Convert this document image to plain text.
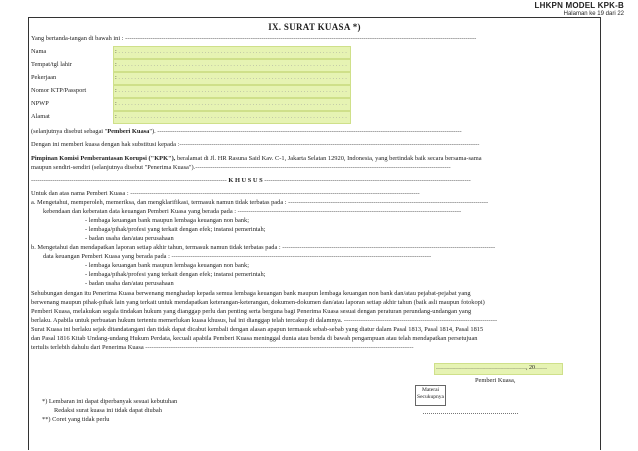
LHKPN MODEL KPK-B
Halaman ke 19 dari 22
IX. SURAT KUASA *)
Yang bertanda-tangan di bawah ini : ---------------------------------------------------------------------------------------------------------------------------------------------------------------------
Nama
Tempat/tgl lahir
Pekerjaan
Nomor KTP/Passport
NPWP
Alamat
: . . . . . . . . . . . . . . . . . . . . . . . . . . . . . . . . . . . . . . . . . . . . . . . . . . . . . . . . . . . . . . . . . . . . . . . .
: . . . . . . . . . . . . . . . . . . . . . . . . . . . . . . . . . . . . . . . . . . . . . . . . . . . . . . . . . . . . . . . . . . . . . . . .
: . . . . . . . . . . . . . . . . . . . . . . . . . . . . . . . . . . . . . . . . . . . . . . . . . . . . . . . . . . . . . . . . . . . . . . . .
: . . . . . . . . . . . . . . . . . . . . . . . . . . . . . . . . . . . . . . . . . . . . . . . . . . . . . . . . . . . . . . . . . . . . . . . .
: . . . . . . . . . . . . . . . . . . . . . . . . . . . . . . . . . . . . . . . . . . . . . . . . . . . . . . . . . . . . . . . . . . . . . . . .
: . . . . . . . . . . . . . . . . . . . . . . . . . . . . . . . . . . . . . . . . . . . . . . . . . . . . . . . . . . . . . . . . . . . . . . . .
(selanjutnya disebut sebagai "Pemberi Kuasa"). -----------------------------------------------------------------------------------------------------------------------------------------------
Dengan ini memberi kuasa dengan hak substitusi kepada :---------------------------------------------------------------------------------------------------------------------------------------------
Pimpinan Komisi Pemberantasan Korupsi ("KPK"), beralamat di Jl. HR Rasuna Said Kav. C-1, Jakarta Selatan 12920, Indonesia, yang bertindak baik secara bersama-sama
maupun sendiri-sendiri (selanjutnya disebut "Penerima Kuasa").------------------------------------------------------------------------------------------------------------------------
-------------------------------------------------------------------------------------------- K H U S U S -------------------------------------------------------------------------------------------------
Untuk dan atas nama Pemberi Kuasa : ----------------------------------------------------------------------------------------------------------------------------------------
a. Mengetahui, memperoleh, memeriksa, dan mengklarifikasi, termasuk namun tidak terbatas pada : ----------------------------------------------------------------------------------------------
kebendaan dan keberatan data keuangan Pemberi Kuasa yang berada pada : ---------------------------------------------------------------------------------------------------------
- lembaga keuangan bank maupun lembaga keuangan non bank;
- lembaga/pihak/profesi yang terkait dengan efek; instansi pemerintah;
- badan usaha dan/atau perusahaan
b. Mengetahui dan mendapatkan laporan setiap akhir tahun, termasuk namun tidak terbatas pada : ----------------------------------------------------------------------------------------------------
data keuangan Pemberi Kuasa yang berada pada : --------------------------------------------------------------------------------------------------------------------------
- lembaga keuangan bank maupun lembaga keuangan non bank;
- lembaga/pihak/profesi yang terkait dengan efek; instansi pemerintah;
- badan usaha dan/atau perusahaan
Sehubungan dengan itu Penerima Kuasa berwenang menghadap kepada semua lembaga keuangan bank maupun lembaga keuangan non bank dan/atau pejabat-pejabat yang
berwenang maupun pihak-pihak lain yang terkait untuk mendapatkan keterangan-keterangan, dokumen-dokumen dan/atau laporan setiap akhir tahun (baik asli maupun fotokopi)
Pemberi Kuasa, melakukan segala tindakan hukum yang dianggap perlu dan penting serta berguna bagi Penerima Kuasa sesuai dengan peraturan perundang-undangan yang
berlaku. Apabila untuk perbuatan hukum tertentu memerlukan kuasa khusus, hal ini dianggap telah tercakup di dalamnya. ------------------------------------------------------------------------
Surat Kuasa ini berlaku sejak ditandatangani dan tidak dapat dicabut kembali dengan alasan apapun termasuk sebab-sebab yang diatur dalam Pasal 1813, Pasal 1814, Pasal 1815
dan Pasal 1816 Kitab Undang-undang Hukum Perdata, kecuali apabila Pemberi Kuasa meninggal dunia atau benda di bawah pengampuan atau telah mendapatkan persetujuan
tertulis terlebih dahulu dari Penerima Kuasa ------------------------------------------------------------------------------------------------------------------------------
………………………………………, 20……
Pemberi Kuasa,
Materai
Secukupnya
*) Lembaran ini dapat diperbanyak sesuai kebutuhan
Redaksi surat kuasa ini tidak dapat diubah
**) Coret yang tidak perlu
